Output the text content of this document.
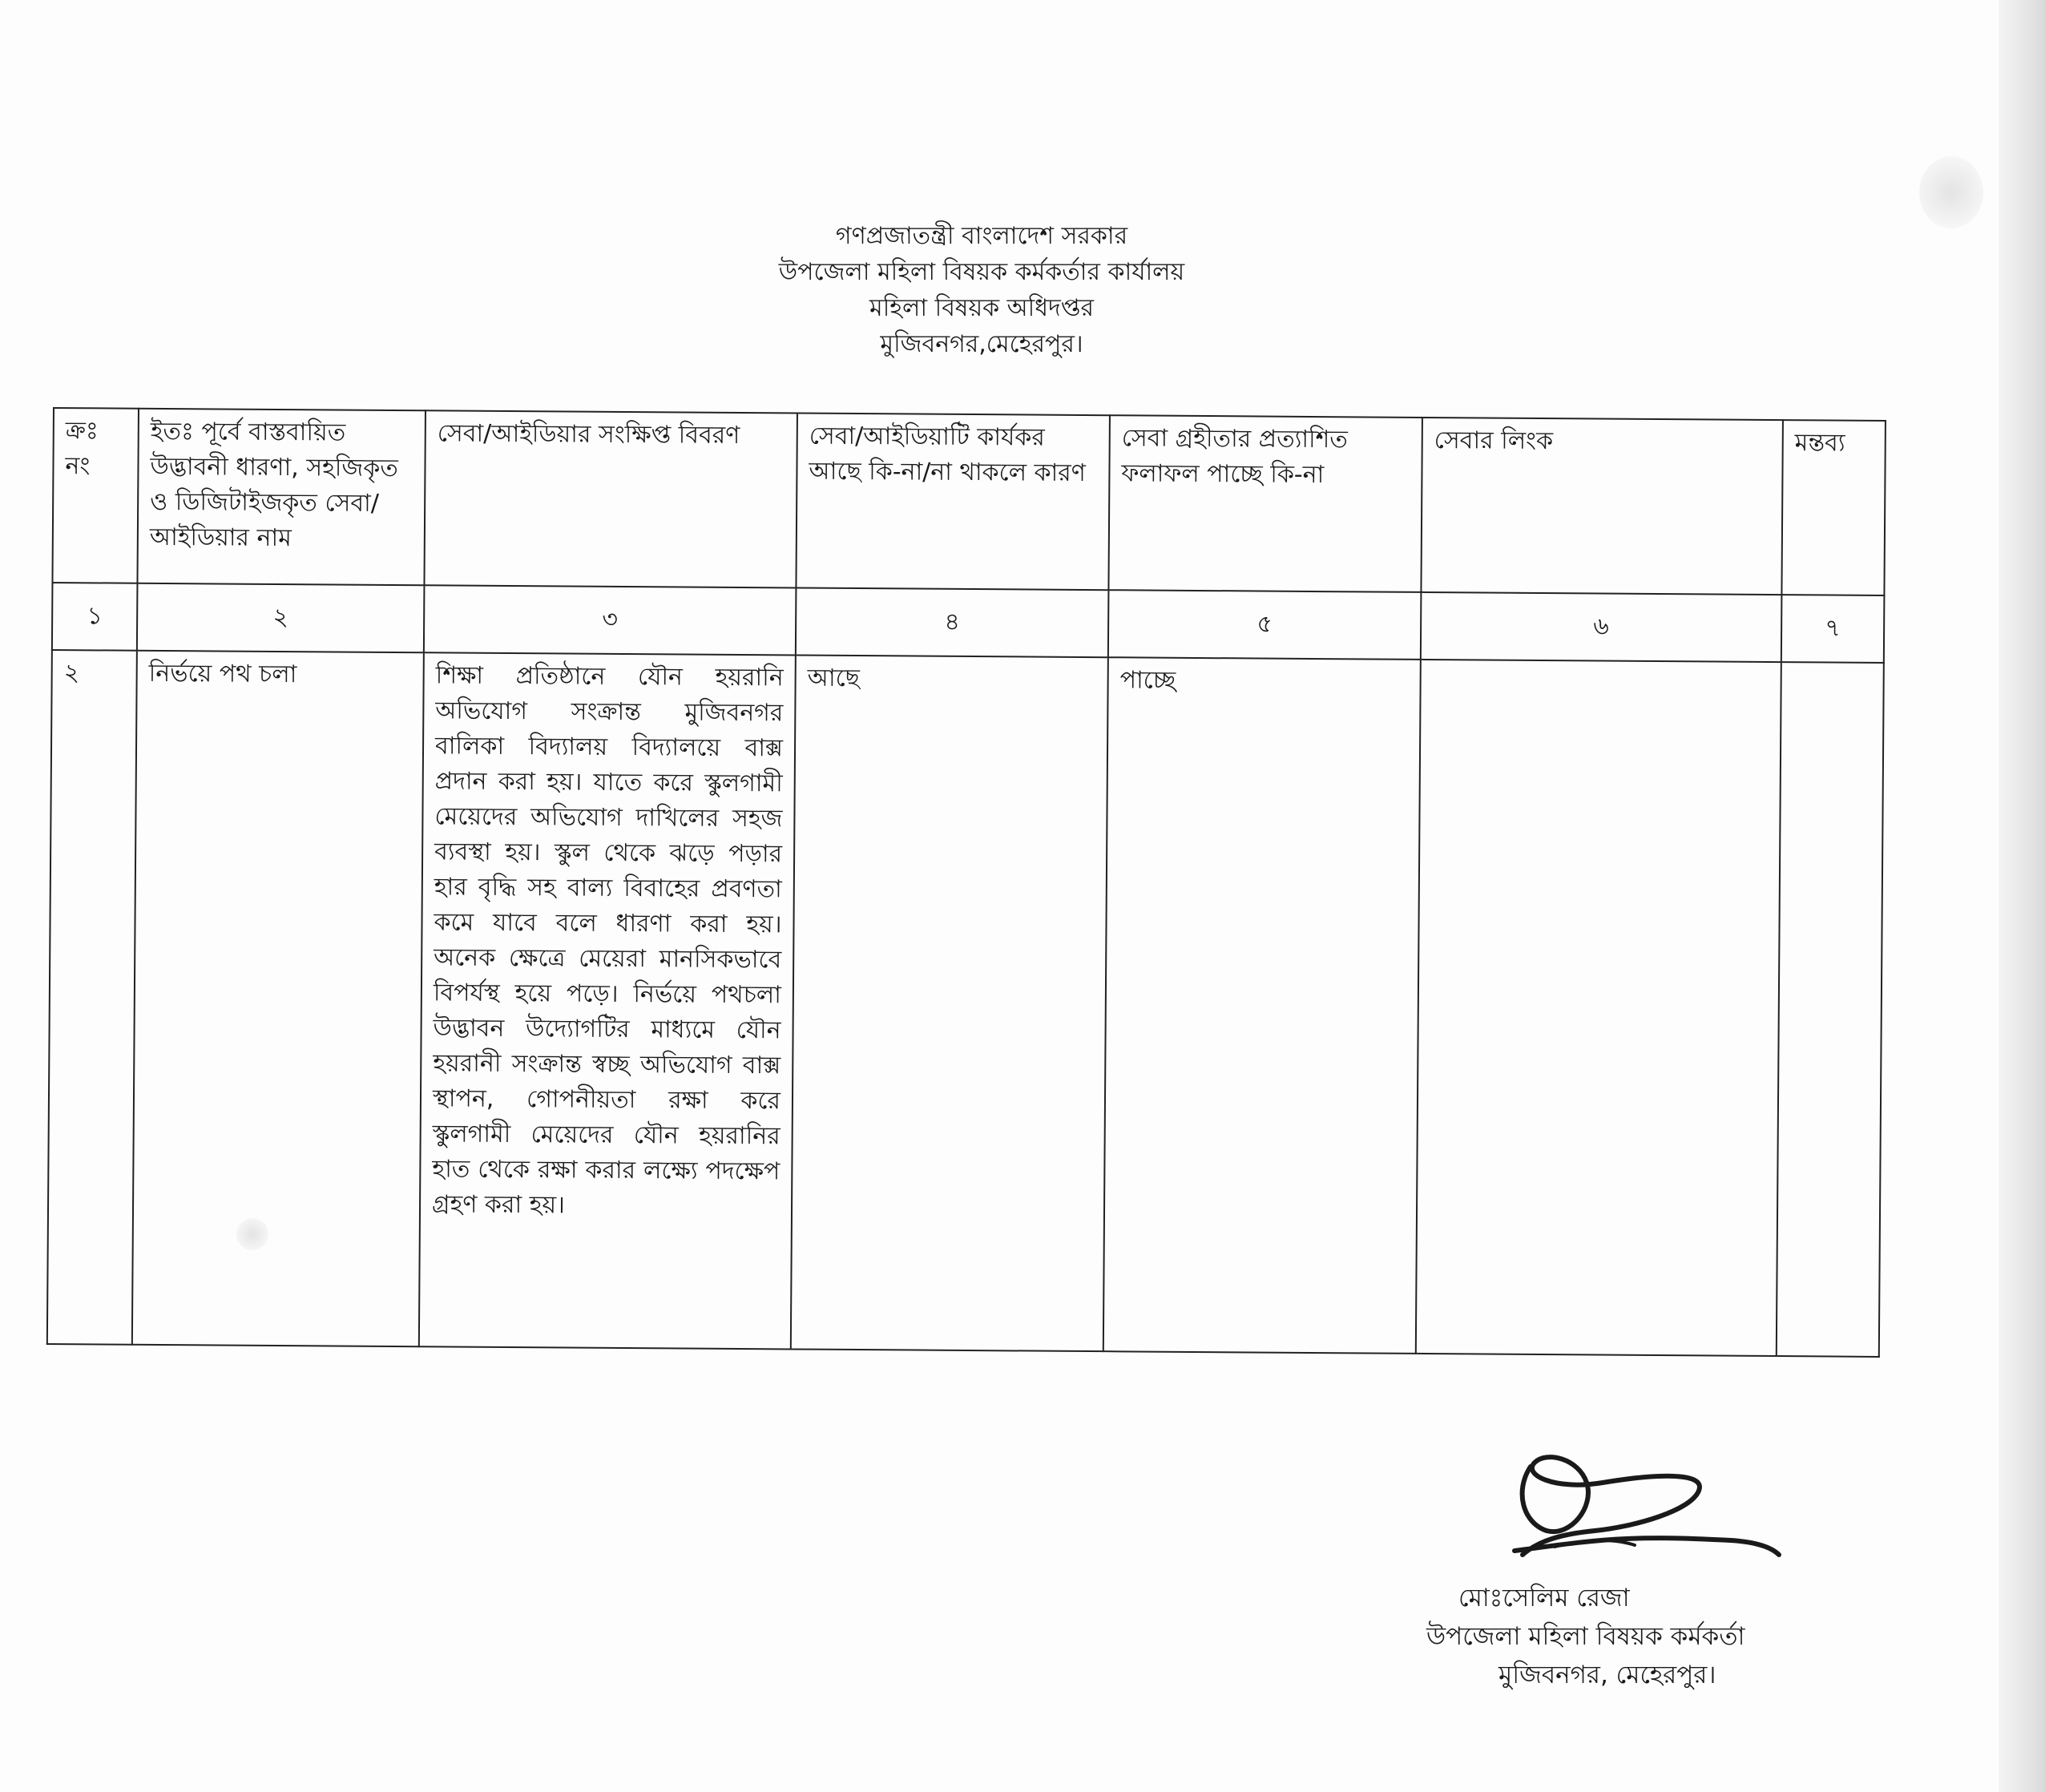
গণপ্রজাতন্ত্রী বাংলাদেশ সরকার
উপজেলা মহিলা বিষয়ক কর্মকর্তার কার্যালয়
মহিলা বিষয়ক অধিদপ্তর
মুজিবনগর,মেহেরপুর।
ক্রঃ নং	ইতঃ পূর্বে বাস্তবায়িত উদ্ভাবনী ধারণা, সহজিকৃত ও ডিজিটাইজকৃত সেবা/আইডিয়ার নাম	সেবা/আইডিয়ার সংক্ষিপ্ত বিবরণ	সেবা/আইডিয়াটি কার্যকর আছে কি-না/না থাকলে কারণ	সেবা গ্রহীতার প্রত্যাশিত ফলাফল পাচ্ছে কি-না	সেবার লিংক	মন্তব্য
১	২	৩	৪	৫	৬	৭
২	নির্ভয়ে পথ চলা	শিক্ষা প্রতিষ্ঠানে যৌন হয়রানি অভিযোগ সংক্রান্ত মুজিবনগর বালিকা বিদ্যালয় বিদ্যালয়ে বাক্স প্রদান করা হয়। যাতে করে স্কুলগামী মেয়েদের অভিযোগ দাখিলের সহজ ব্যবস্থা হয়। স্কুল থেকে ঝড়ে পড়ার হার বৃদ্ধি সহ বাল্য বিবাহের প্রবণতা কমে যাবে বলে ধারণা করা হয়। অনেক ক্ষেত্রে মেয়েরা মানসিকভাবে বিপর্যস্থ হয়ে পড়ে। নির্ভয়ে পথচলা উদ্ভাবন উদ্যোগটির মাধ্যমে যৌন হয়রানী সংক্রান্ত স্বচ্ছ অভিযোগ বাক্স স্থাপন, গোপনীয়তা রক্ষা করে স্কুলগামী মেয়েদের যৌন হয়রানির হাত থেকে রক্ষা করার লক্ষ্যে পদক্ষেপ গ্রহণ করা হয়।	আছে	পাচ্ছে		
মোঃসেলিম রেজা
উপজেলা মহিলা বিষয়ক কর্মকর্তা
মুজিবনগর, মেহেরপুর।
